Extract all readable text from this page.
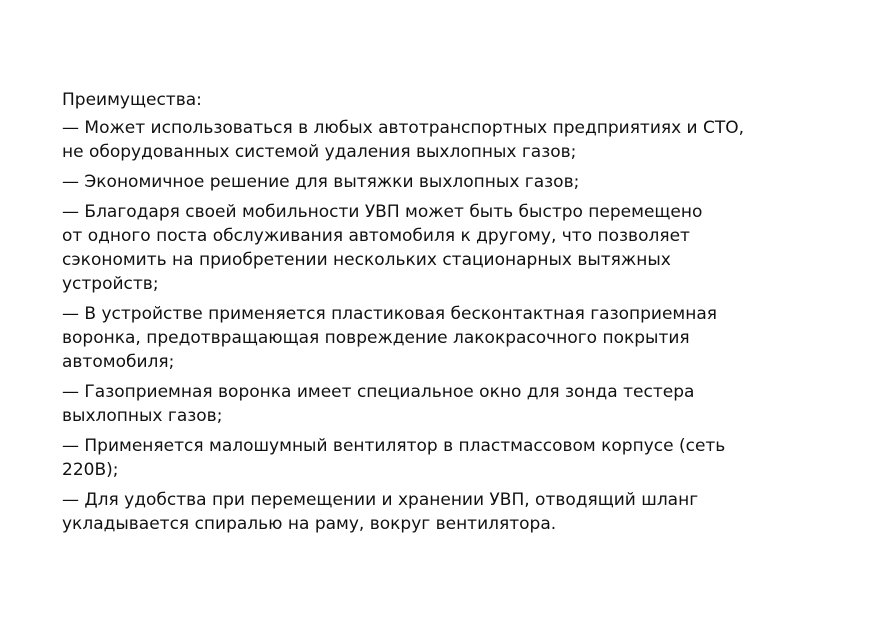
Преимущества:
— Может использоваться в любых автотранспортных предприятиях и СТО,
не оборудованных системой удаления выхлопных газов;
— Экономичное решение для вытяжки выхлопных газов;
— Благодаря своей мобильности УВП может быть быстро перемещено
от одного поста обслуживания автомобиля к другому, что позволяет
сэкономить на приобретении нескольких стационарных вытяжных
устройств;
— В устройстве применяется пластиковая бесконтактная газоприемная
воронка, предотвращающая повреждение лакокрасочного покрытия
автомобиля;
— Газоприемная воронка имеет специальное окно для зонда тестера
выхлопных газов;
— Применяется малошумный вентилятор в пластмассовом корпусе (сеть
220В);
— Для удобства при перемещении и хранении УВП, отводящий шланг
укладывается спиралью на раму, вокруг вентилятора.
